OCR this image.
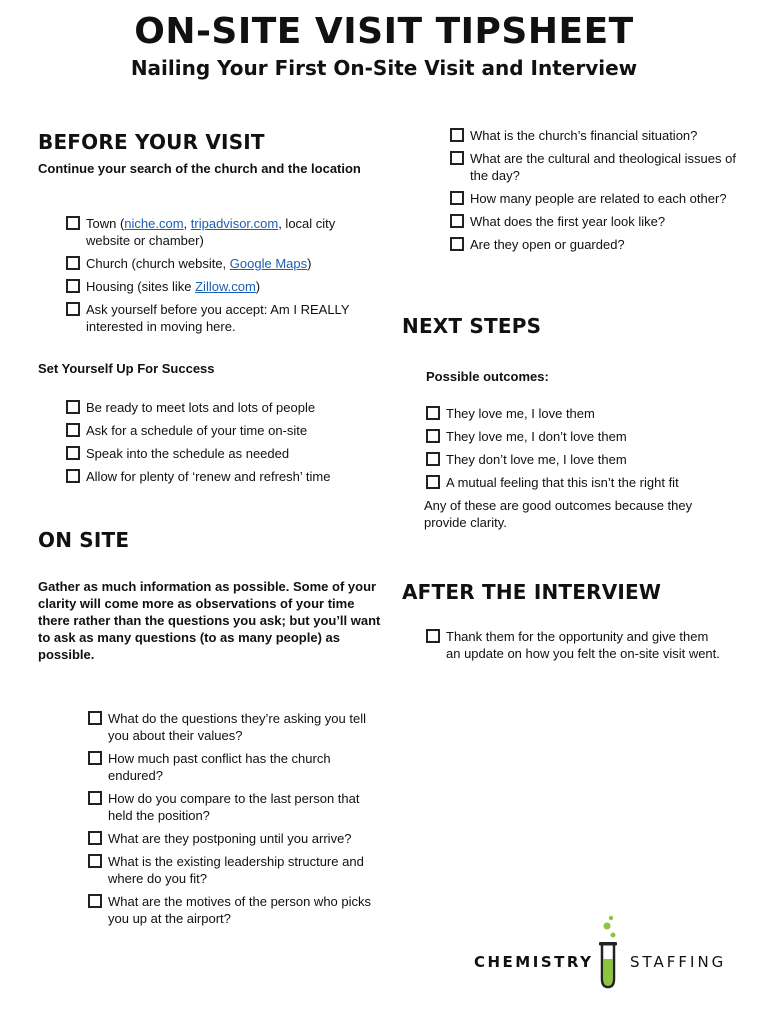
ON-SITE VISIT TIPSHEET
Nailing Your First On-Site Visit and Interview
BEFORE YOUR VISIT

Continue your search of the church and the location

Town (niche.com, tripadvisor.com, local city website or chamber)
Church (church website, Google Maps)
Housing (sites like Zillow.com)
Ask yourself before you accept: Am I REALLY interested in moving here.

Set Yourself Up For Success

Be ready to meet lots and lots of people
Ask for a schedule of your time on-site
Speak into the schedule as needed
Allow for plenty of ‘renew and refresh’ time
ON SITE

Gather as much information as possible. Some of your clarity will come more as observations of your time there rather than the questions you ask; but you’ll want to ask as many questions (to as many people) as possible.

What do the questions they’re asking you tell you about their values?
How much past conflict has the church endured?
How do you compare to the last person that held the position?
What are they postponing until you arrive?
What is the existing leadership structure and where do you fit?
What are the motives of the person who picks you up at the airport?
What is the church’s financial situation?
What are the cultural and theological issues of the day?
How many people are related to each other?
What does the first year look like?
Are they open or guarded?
NEXT STEPS

Possible outcomes:

They love me, I love them
They love me, I don’t love them
They don’t love me, I love them
A mutual feeling that this isn’t the right fit

Any of these are good outcomes because they provide clarity.

AFTER THE INTERVIEW
Thank them for the opportunity and give them an update on how you felt the on-site visit went.
CHEMISTRY STAFFING
